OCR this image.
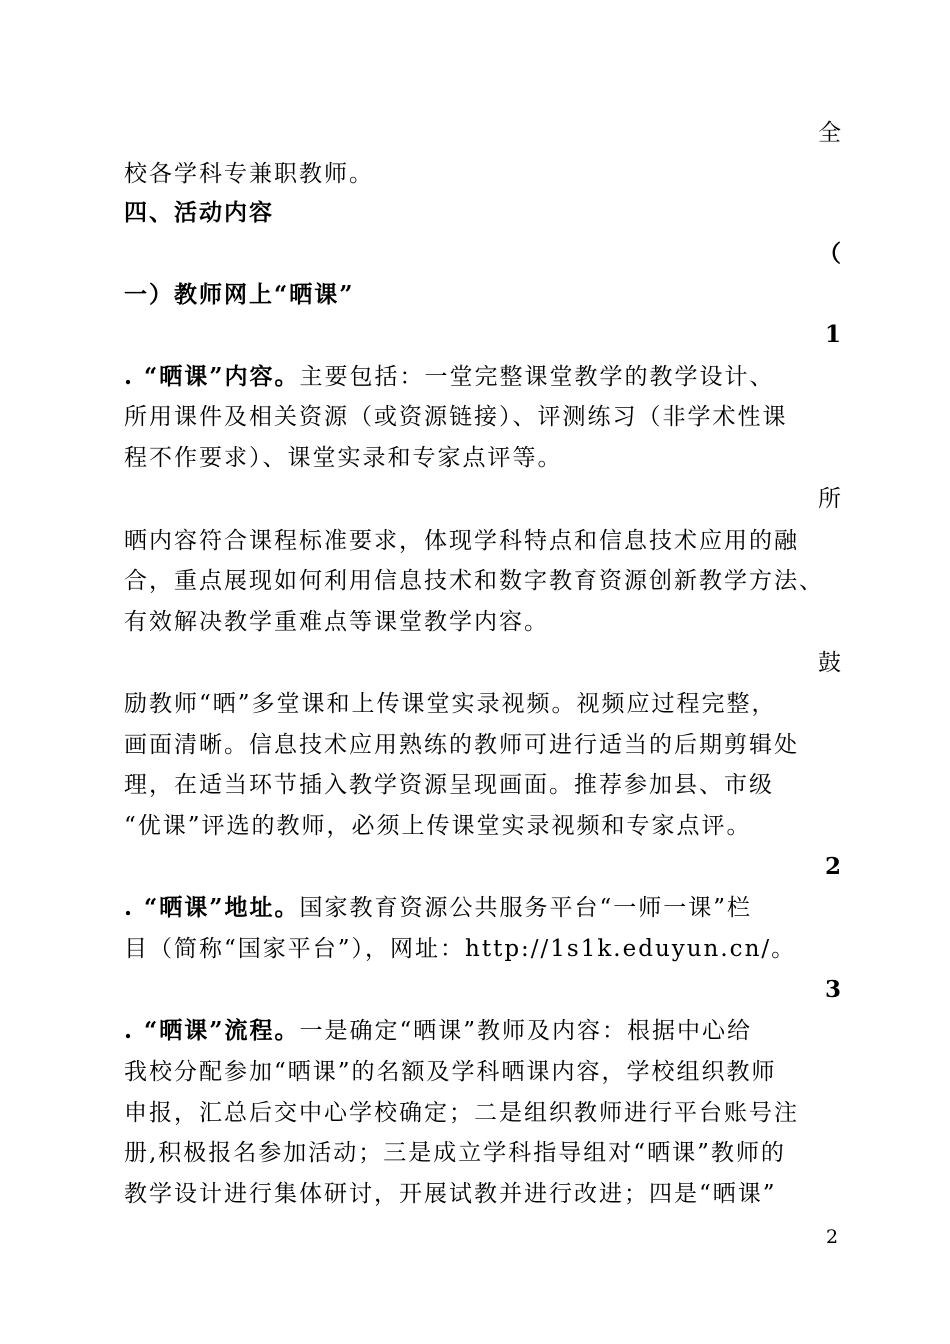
全
校各学科专兼职教师。
四、活动内容
（
一）教师网上“晒课”
1
. “晒课”内容。主要包括：一堂完整课堂教学的教学设计、
所用课件及相关资源（或资源链接）、评测练习（非学术性课
程不作要求）、课堂实录和专家点评等。
所
晒内容符合课程标准要求，体现学科特点和信息技术应用的融
合，重点展现如何利用信息技术和数字教育资源创新教学方法、
有效解决教学重难点等课堂教学内容。
鼓
励教师“晒”多堂课和上传课堂实录视频。视频应过程完整，
画面清晰。信息技术应用熟练的教师可进行适当的后期剪辑处
理，在适当环节插入教学资源呈现画面。推荐参加县、市级
“优课”评选的教师，必须上传课堂实录视频和专家点评。
2
. “晒课”地址。国家教育资源公共服务平台“一师一课”栏
目（简称“国家平台”），网址：http://1s1k.eduyun.cn/。
3
. “晒课”流程。一是确定“晒课”教师及内容：根据中心给
我校分配参加“晒课”的名额及学科晒课内容，学校组织教师
申报，汇总后交中心学校确定；二是组织教师进行平台账号注
册,积极报名参加活动；三是成立学科指导组对“晒课”教师的
教学设计进行集体研讨，开展试教并进行改进；四是“晒课”
2
